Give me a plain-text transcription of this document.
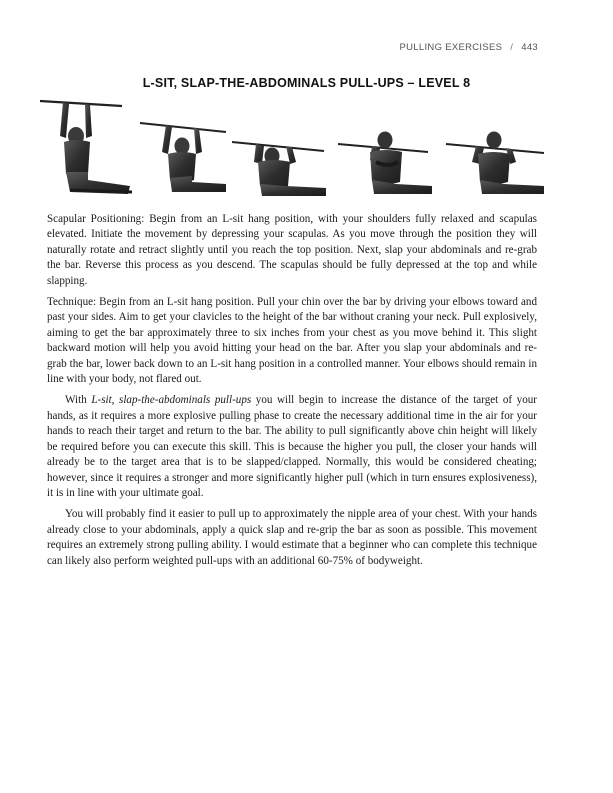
PULLING EXERCISES / 443
L-SIT, SLAP-THE-ABDOMINALS PULL-UPS – LEVEL 8

Scapular Positioning: Begin from an L-sit hang position, with your shoulders fully relaxed and scapulas elevated. Initiate the movement by depressing your scapulas. As you move through the position they will naturally rotate and retract slightly until you reach the top position. Next, slap your abdominals and re-grab the bar. Reverse this process as you descend. The scapulas should be fully depressed at the top and while slapping.

Technique: Begin from an L-sit hang position. Pull your chin over the bar by driving your elbows toward and past your sides. Aim to get your clavicles to the height of the bar without craning your neck. Pull explosively, aiming to get the bar approximately three to six inches from your chest as you move behind it. This slight backward motion will help you avoid hitting your head on the bar. After you slap your abdominals and re-grab the bar, lower back down to an L-sit hang position in a controlled manner. Your elbows should remain in line with your body, not flared out.

With L-sit, slap-the-abdominals pull-ups you will begin to increase the distance of the target of your hands, as it requires a more explosive pulling phase to create the necessary additional time in the air for your hands to reach their target and return to the bar. The ability to pull significantly above chin height will likely be required before you can execute this skill. This is because the higher you pull, the closer your hands will already be to the target area that is to be slapped/clapped. Normally, this would be considered cheating; however, since it requires a stronger and more significantly higher pull (which in turn ensures explosiveness), it is in line with your ultimate goal.

You will probably find it easier to pull up to approximately the nipple area of your chest. With your hands already close to your abdominals, apply a quick slap and re-grip the bar as soon as possible. This movement requires an extremely strong pulling ability. I would estimate that a beginner who can complete this technique can likely also perform weighted pull-ups with an additional 60-75% of bodyweight.
